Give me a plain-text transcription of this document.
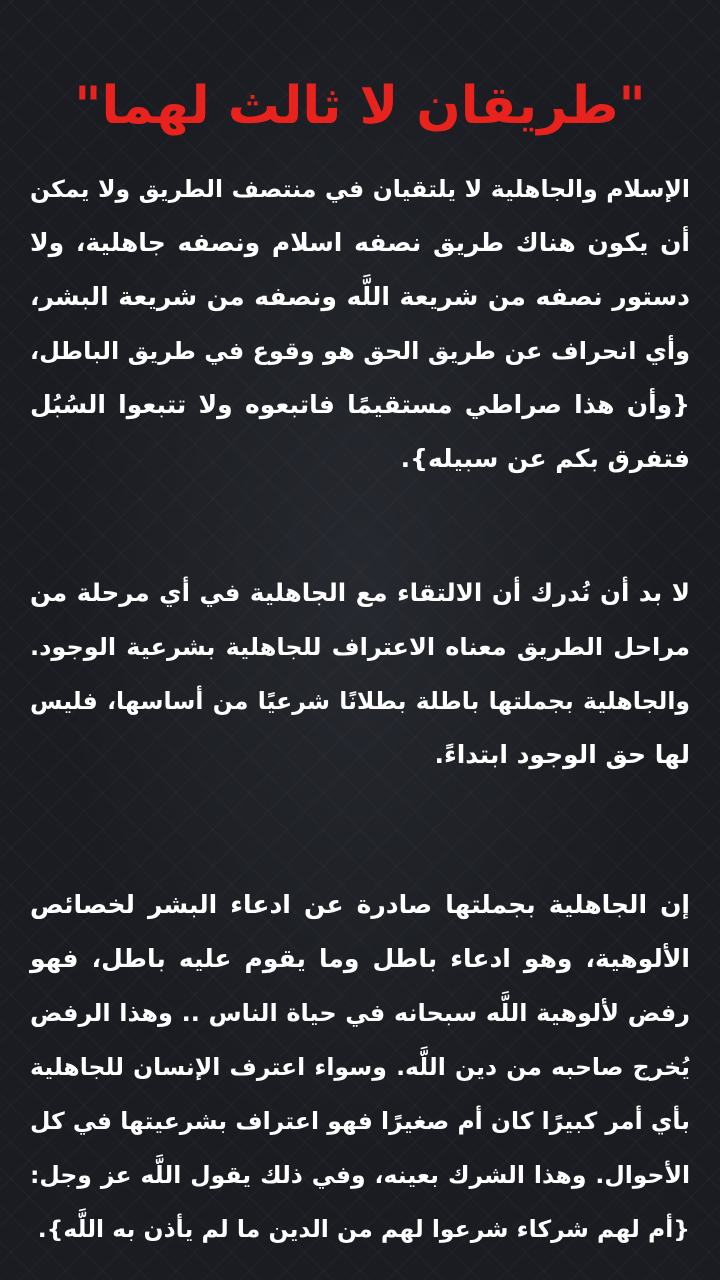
"طريقان لا ثالث لهما"
الإسلام والجاهلية لا يلتقيان في منتصف الطريق ولا يمكن
أن يكون هناك طريق نصفه اسلام ونصفه جاهلية، ولا
دستور نصفه من شريعة اللَّه ونصفه من شريعة البشر،
وأي انحراف عن طريق الحق هو وقوع في طريق الباطل،
{وأن هذا صراطي مستقيمًا فاتبعوه ولا تتبعوا السُبُل
فتفرق بكم عن سبيله}.
لا بد أن نُدرك أن الالتقاء مع الجاهلية في أي مرحلة من
مراحل الطريق معناه الاعتراف للجاهلية بشرعية الوجود.
والجاهلية بجملتها باطلة بطلانًا شرعيًا من أساسها، فليس
لها حق الوجود ابتداءً.
إن الجاهلية بجملتها صادرة عن ادعاء البشر لخصائص
الألوهية، وهو ادعاء باطل وما يقوم عليه باطل، فهو
رفض لألوهية اللَّه سبحانه في حياة الناس .. وهذا الرفض
يُخرج صاحبه من دين اللَّه. وسواء اعترف الإنسان للجاهلية
بأي أمر كبيرًا كان أم صغيرًا فهو اعتراف بشرعيتها في كل
الأحوال. وهذا الشرك بعينه، وفي ذلك يقول اللَّه عز وجل:
{أم لهم شركاء شرعوا لهم من الدين ما لم يأذن به اللَّه}.
